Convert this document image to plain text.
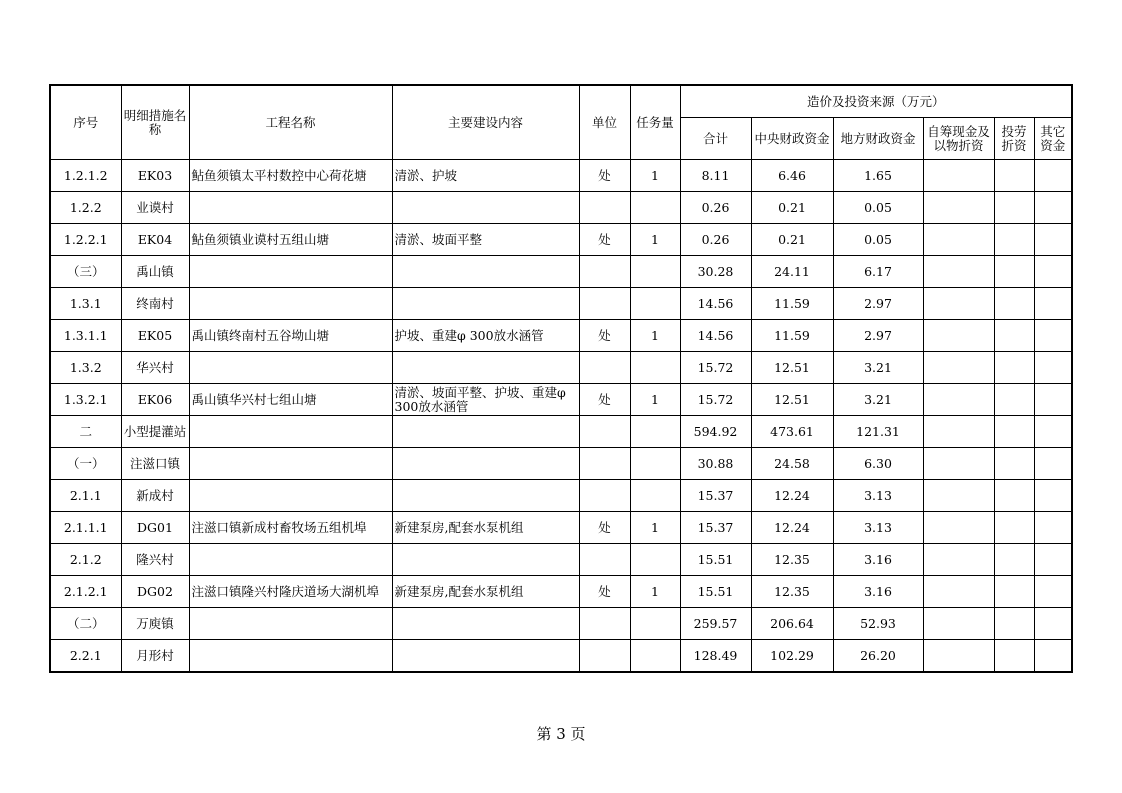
序号	明细措施名称	工程名称	主要建设内容	单位	任务量	造价及投资来源（万元）					
						合计	中央财政资金	地方财政资金	自筹现金及以物折资	投劳折资	其它资金
1.2.1.2	EK03	鲇鱼须镇太平村数控中心荷花塘	清淤、护坡	处	1	8.11	6.46	1.65			
1.2.2	业谟村					0.26	0.21	0.05			
1.2.2.1	EK04	鲇鱼须镇业谟村五组山塘	清淤、坡面平整	处	1	0.26	0.21	0.05			
（三）	禹山镇					30.28	24.11	6.17			
1.3.1	终南村					14.56	11.59	2.97			
1.3.1.1	EK05	禹山镇终南村五谷坳山塘	护坡、重建φ 300放水涵管	处	1	14.56	11.59	2.97			
1.3.2	华兴村					15.72	12.51	3.21			
1.3.2.1	EK06	禹山镇华兴村七组山塘	清淤、坡面平整、护坡、重建φ 300放水涵管	处	1	15.72	12.51	3.21			
二	小型提灌站					594.92	473.61	121.31			
（一）	注滋口镇					30.88	24.58	6.30			
2.1.1	新成村					15.37	12.24	3.13			
2.1.1.1	DG01	注滋口镇新成村畜牧场五组机埠	新建泵房,配套水泵机组	处	1	15.37	12.24	3.13			
2.1.2	隆兴村					15.51	12.35	3.16			
2.1.2.1	DG02	注滋口镇隆兴村隆庆道场大湖机埠	新建泵房,配套水泵机组	处	1	15.51	12.35	3.16			
（二）	万庾镇					259.57	206.64	52.93			
2.2.1	月形村					128.49	102.29	26.20			
第 3 页
